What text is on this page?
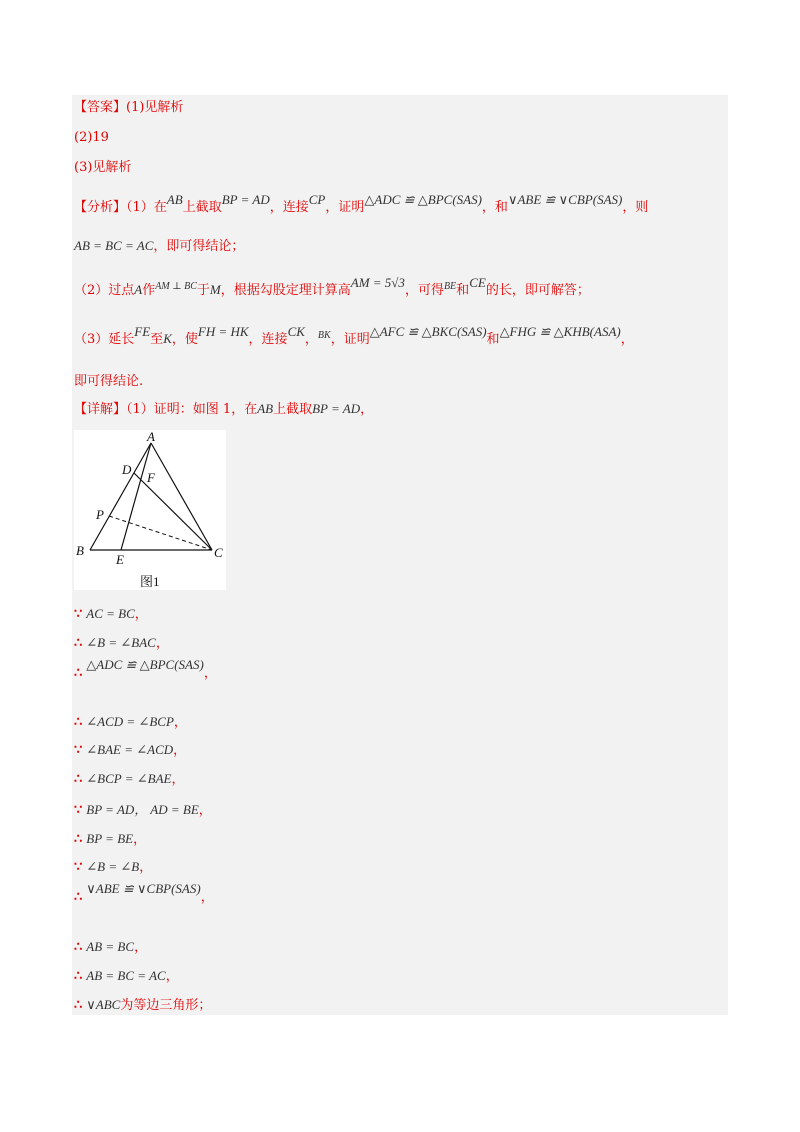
【答案】(1)见解析
(2)19
(3)见解析
【分析】（1）在AB上截取BP = AD，连接CP，证明△ADC ≌ △BPC(SAS)，和∨ABE ≌ ∨CBP(SAS)，则
AB = BC = AC，即可得结论；
（2）过点A作$^{AM \perp BC}$于M，根据勾股定理计算高AM = 5√3，可得$^{BE}$和CE的长，即可解答；
（3）延长FE至K，使FH = HK，连接CK，$^{BK}$，证明△AFC ≌ △BKC(SAS)和△FHG ≌ △KHB(ASA)，
即可得结论.
【详解】（1）证明：如图 1，在AB上截取BP = AD，
A
D
F
P
B
E	C
图1
∵ AC = BC，
∴ ∠B = ∠BAC，
∴△ADC ≌ △BPC(SAS)，
∴ ∠ACD = ∠BCP，
∵ ∠BAE = ∠ACD，
∴ ∠BCP = ∠BAE，
∵ BP = AD， AD = BE，
∴ BP = BE，
∵ ∠B = ∠B，
∴∨ABE ≌ ∨CBP(SAS)，
∴ AB = BC，
∴ AB = BC = AC，
∴ ∨ABC为等边三角形；
